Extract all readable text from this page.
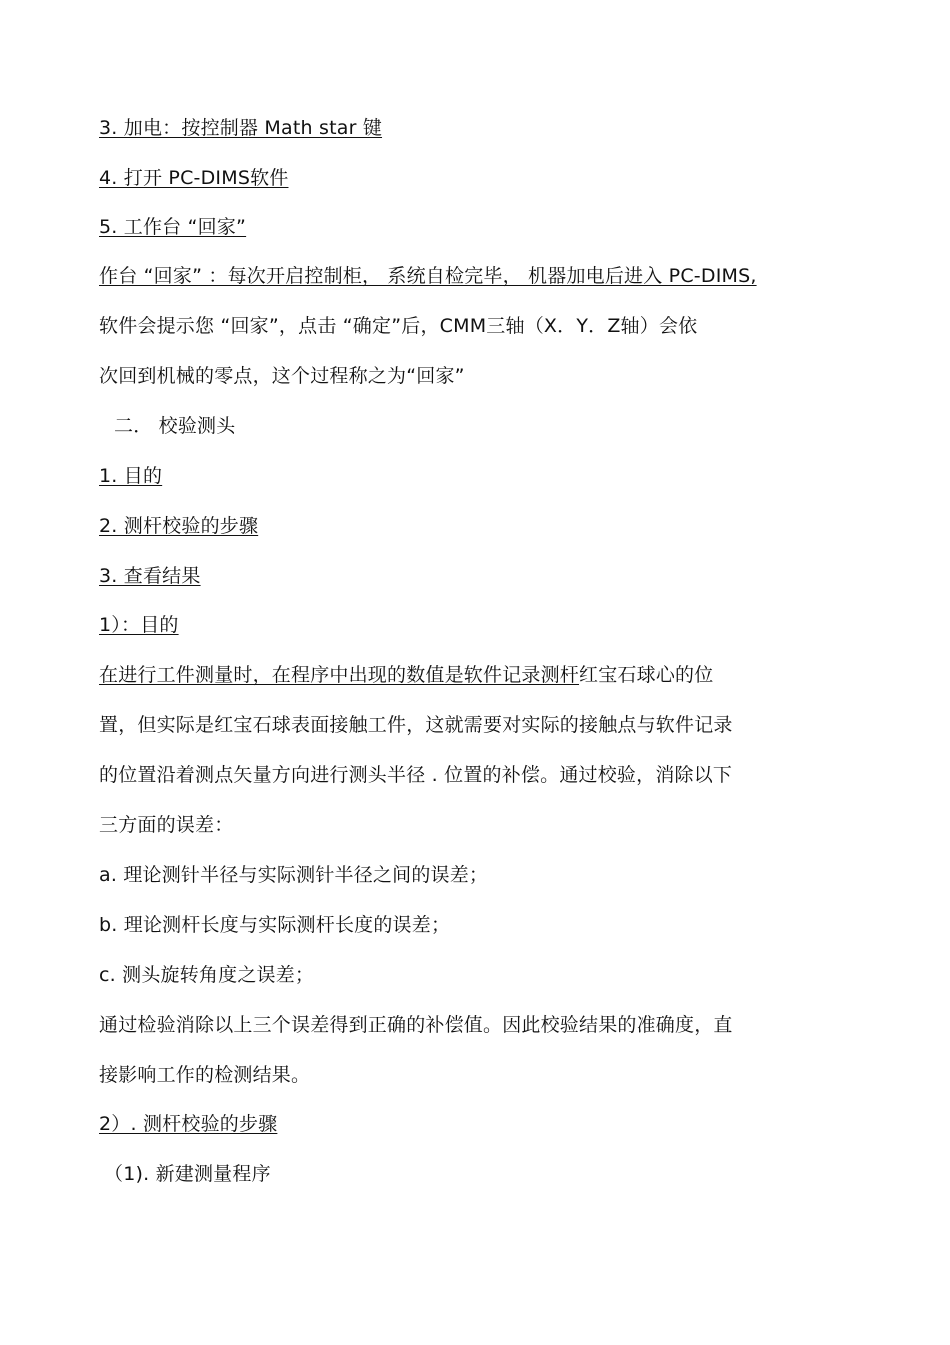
3. 加电：按控制器 Math star 键
4. 打开 PC-DIMS软件
5. 工作台 “回家”
作台 “回家” ：每次开启控制柜， 系统自检完毕， 机器加电后进入 PC-DIMS,
软件会提示您 “回家”，点击 “确定”后，CMM三轴（X．Y．Z轴）会依
次回到机械的零点，这个过程称之为“回家”
二． 校验测头
1. 目的
2. 测杆校验的步骤
3. 查看结果
1）：目的
在进行工件测量时，在程序中出现的数值是软件记录测杆红宝石球心的位
置，但实际是红宝石球表面接触工件，这就需要对实际的接触点与软件记录
的位置沿着测点矢量方向进行测头半径 . 位置的补偿。通过校验，消除以下
三方面的误差：
a. 理论测针半径与实际测针半径之间的误差；
b. 理论测杆长度与实际测杆长度的误差；
c. 测头旋转角度之误差；
通过检验消除以上三个误差得到正确的补偿值。因此校验结果的准确度，直
接影响工作的检测结果。
2）. 测杆校验的步骤
（1). 新建测量程序
